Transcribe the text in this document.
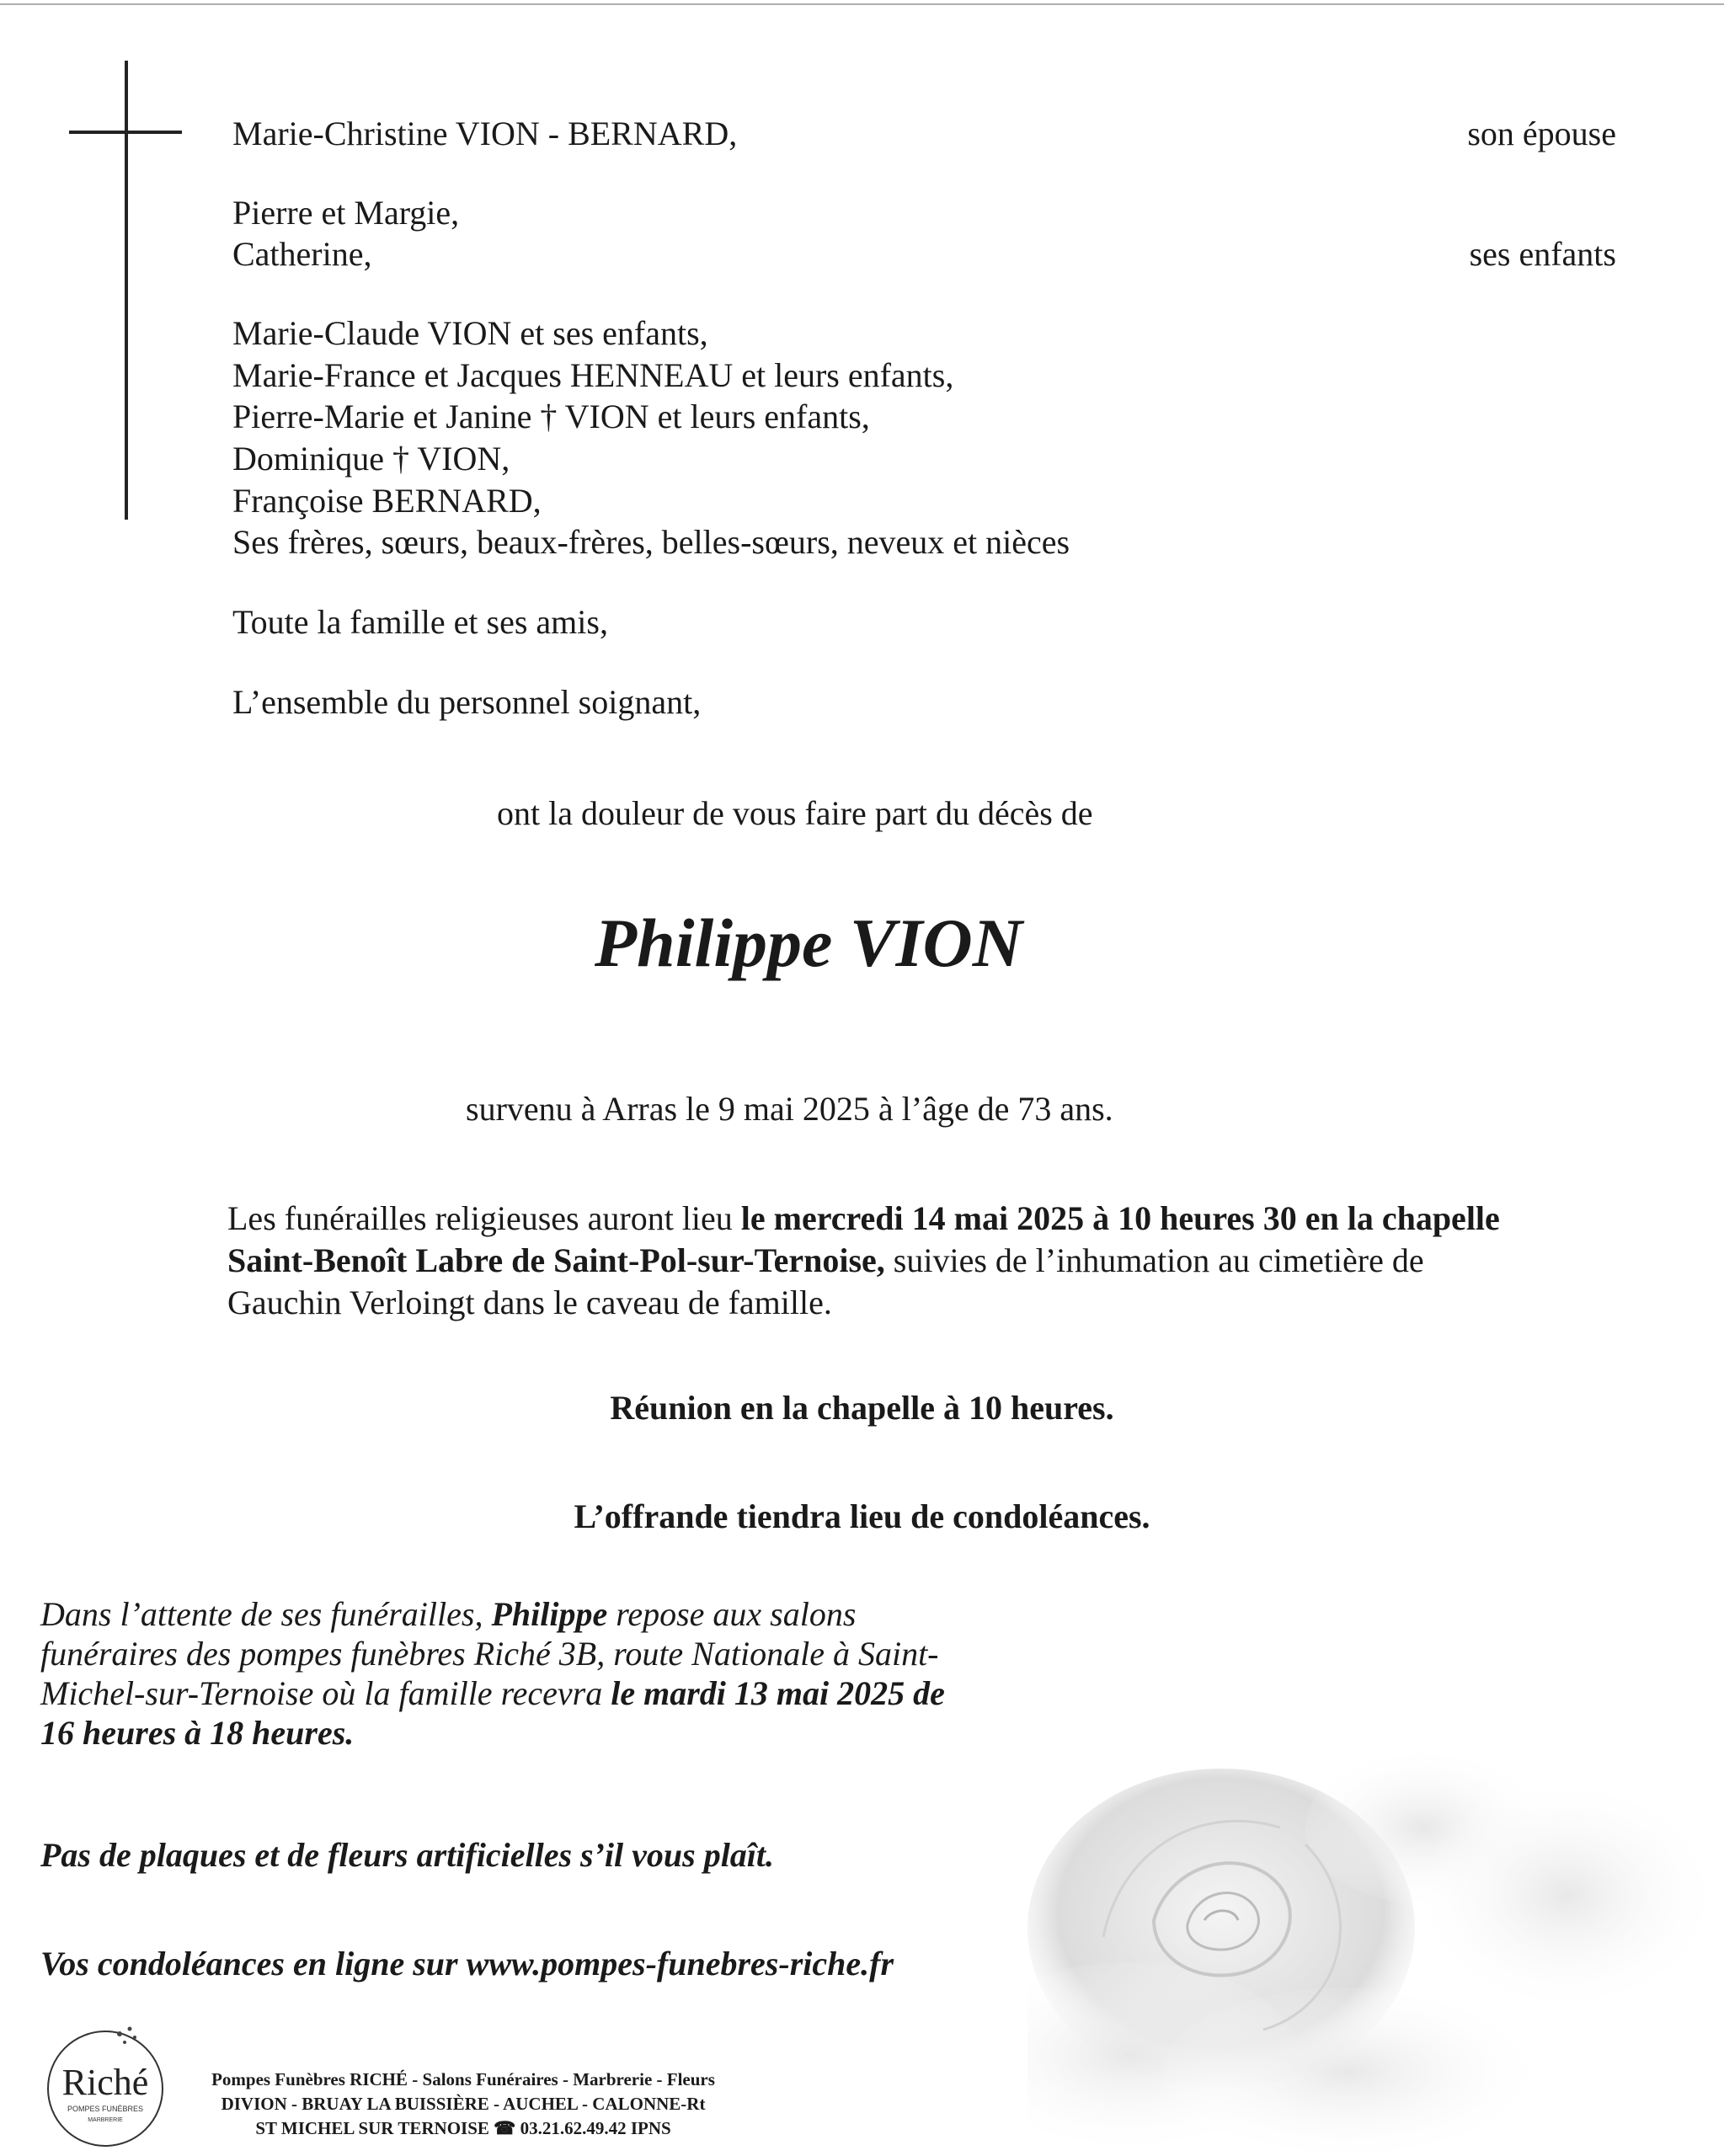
Marie-Christine VION - BERNARD,	son épouse
Pierre et Margie,
Catherine,	ses enfants
Marie-Claude VION et ses enfants,
Marie-France et Jacques HENNEAU et leurs enfants,
Pierre-Marie et Janine † VION et leurs enfants,
Dominique † VION,
Françoise BERNARD,
Ses frères, sœurs, beaux-frères, belles-sœurs, neveux et nièces
Toute la famille et ses amis,
L’ensemble du personnel soignant,
ont la douleur de vous faire part du décès de
Philippe VION
survenu à Arras le 9 mai 2025 à l’âge de 73 ans.
Les funérailles religieuses auront lieu le mercredi 14 mai 2025 à 10 heures 30 en la chapelle Saint-Benoît Labre de Saint-Pol-sur-Ternoise, suivies de l’inhumation au cimetière de Gauchin Verloingt dans le caveau de famille.
Réunion en la chapelle à 10 heures.
L’offrande tiendra lieu de condoléances.
Dans l’attente de ses funérailles, Philippe repose aux salons funéraires des pompes funèbres Riché 3B, route Nationale à Saint-Michel-sur-Ternoise où la famille recevra le mardi 13 mai 2025 de 16 heures à 18 heures.
Pas de plaques et de fleurs artificielles s’il vous plaît.
Vos condoléances en ligne sur www.pompes-funebres-riche.fr
Riché
POMPES FUNÈBRES
MARBRERIE
Pompes Funèbres RICHÉ - Salons Funéraires - Marbrerie - Fleurs
DIVION - BRUAY LA BUISSIÈRE - AUCHEL - CALONNE-Rt
ST MICHEL SUR TERNOISE ☎ 03.21.62.49.42 IPNS
